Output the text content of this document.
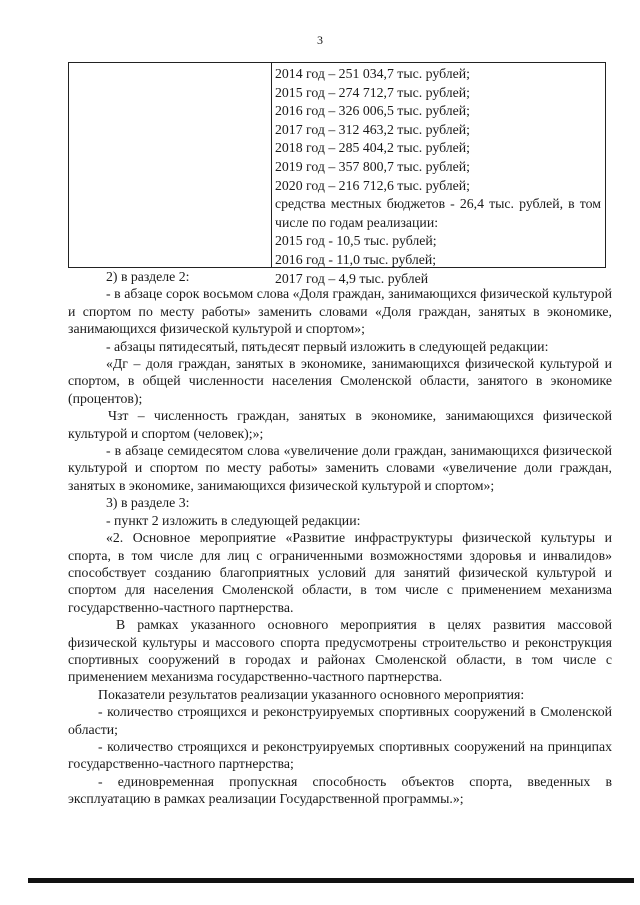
3
2014 год – 251 034,7 тыс. рублей;
2015 год – 274 712,7 тыс. рублей;
2016 год – 326 006,5 тыс. рублей;
2017 год – 312 463,2 тыс. рублей;
2018 год – 285 404,2 тыс. рублей;
2019 год – 357 800,7 тыс. рублей;
2020 год – 216 712,6 тыс. рублей;
средства местных бюджетов - 26,4 тыс. рублей, в том числе по годам реализации:
2015 год - 10,5 тыс. рублей;
2016 год - 11,0 тыс. рублей;
2017 год – 4,9 тыс. рублей

2) в разделе 2:

- в абзаце сорок восьмом слова «Доля граждан, занимающихся физической культурой и спортом по месту работы» заменить словами «Доля граждан, занятых в экономике, занимающихся физической культурой и спортом»;

- абзацы пятидесятый, пятьдесят первый изложить в следующей редакции:

«Дг – доля граждан, занятых в экономике, занимающихся физической культурой и спортом, в общей численности населения Смоленской области, занятого в экономике (процентов);

Чзт – численность граждан, занятых в экономике, занимающихся физической культурой и спортом (человек);»;

- в абзаце семидесятом слова «увеличение доли граждан, занимающихся физической культурой и спортом по месту работы» заменить словами «увеличение доли граждан, занятых в экономике, занимающихся физической культурой и спортом»;

3) в разделе 3:

- пункт 2 изложить в следующей редакции:

«2. Основное мероприятие «Развитие инфраструктуры физической культуры и спорта, в том числе для лиц с ограниченными возможностями здоровья и инвалидов» способствует созданию благоприятных условий для занятий физической культурой и спортом для населения Смоленской области, в том числе с применением механизма государственно-частного партнерства.

В рамках указанного основного мероприятия в целях развития массовой физической культуры и массового спорта предусмотрены строительство и реконструкция спортивных сооружений в городах и районах Смоленской области, в том числе с применением механизма государственно-частного партнерства.

Показатели результатов реализации указанного основного мероприятия:

- количество строящихся и реконструируемых спортивных сооружений в Смоленской области;

- количество строящихся и реконструируемых спортивных сооружений на принципах государственно-частного партнерства;

- единовременная пропускная способность объектов спорта, введенных в эксплуатацию в рамках реализации Государственной программы.»;
